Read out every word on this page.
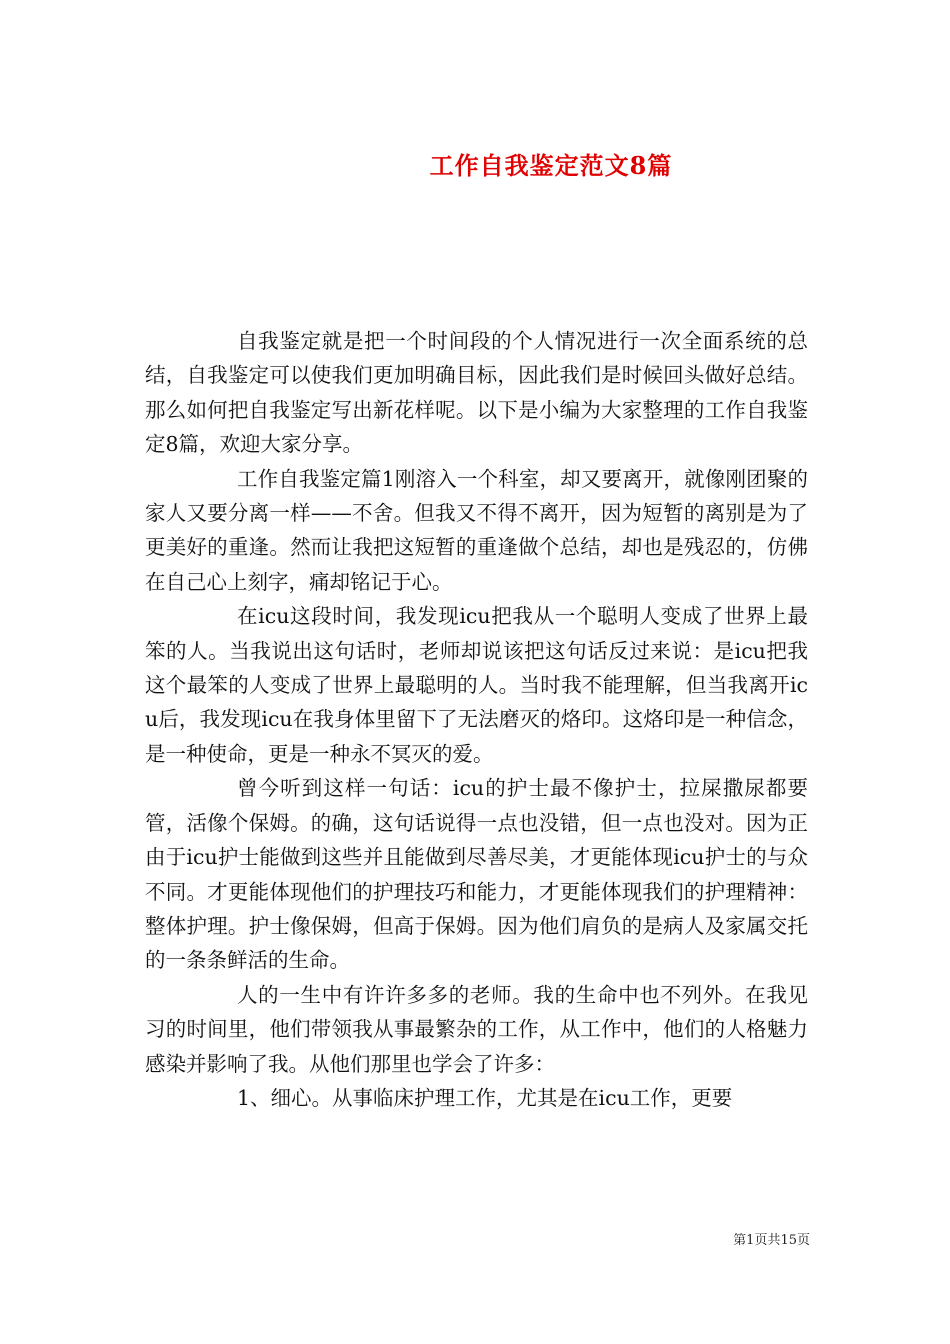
工作自我鉴定范文8篇

自我鉴定就是把一个时间段的个人情况进行一次全面系统的总结，自我鉴定可以使我们更加明确目标，因此我们是时候回头做好总结。那么如何把自我鉴定写出新花样呢。以下是小编为大家整理的工作自我鉴定8篇，欢迎大家分享。

工作自我鉴定篇1刚溶入一个科室，却又要离开，就像刚团聚的家人又要分离一样——不舍。但我又不得不离开，因为短暂的离别是为了更美好的重逢。然而让我把这短暂的重逢做个总结，却也是残忍的，仿佛在自己心上刻字，痛却铭记于心。

在icu这段时间，我发现icu把我从一个聪明人变成了世界上最笨的人。当我说出这句话时，老师却说该把这句话反过来说：是icu把我这个最笨的人变成了世界上最聪明的人。当时我不能理解，但当我离开icu后，我发现icu在我身体里留下了无法磨灭的烙印。这烙印是一种信念，是一种使命，更是一种永不冥灭的爱。

曾今听到这样一句话：icu的护士最不像护士，拉屎撒尿都要管，活像个保姆。的确，这句话说得一点也没错，但一点也没对。因为正由于icu护士能做到这些并且能做到尽善尽美，才更能体现icu护士的与众不同。才更能体现他们的护理技巧和能力，才更能体现我们的护理精神：整体护理。护士像保姆，但高于保姆。因为他们肩负的是病人及家属交托的一条条鲜活的生命。

人的一生中有许许多多的老师。我的生命中也不列外。在我见习的时间里，他们带领我从事最繁杂的工作，从工作中，他们的人格魅力感染并影响了我。从他们那里也学会了许多：

1、细心。从事临床护理工作，尤其是在icu工作，更要

第1页共15页
